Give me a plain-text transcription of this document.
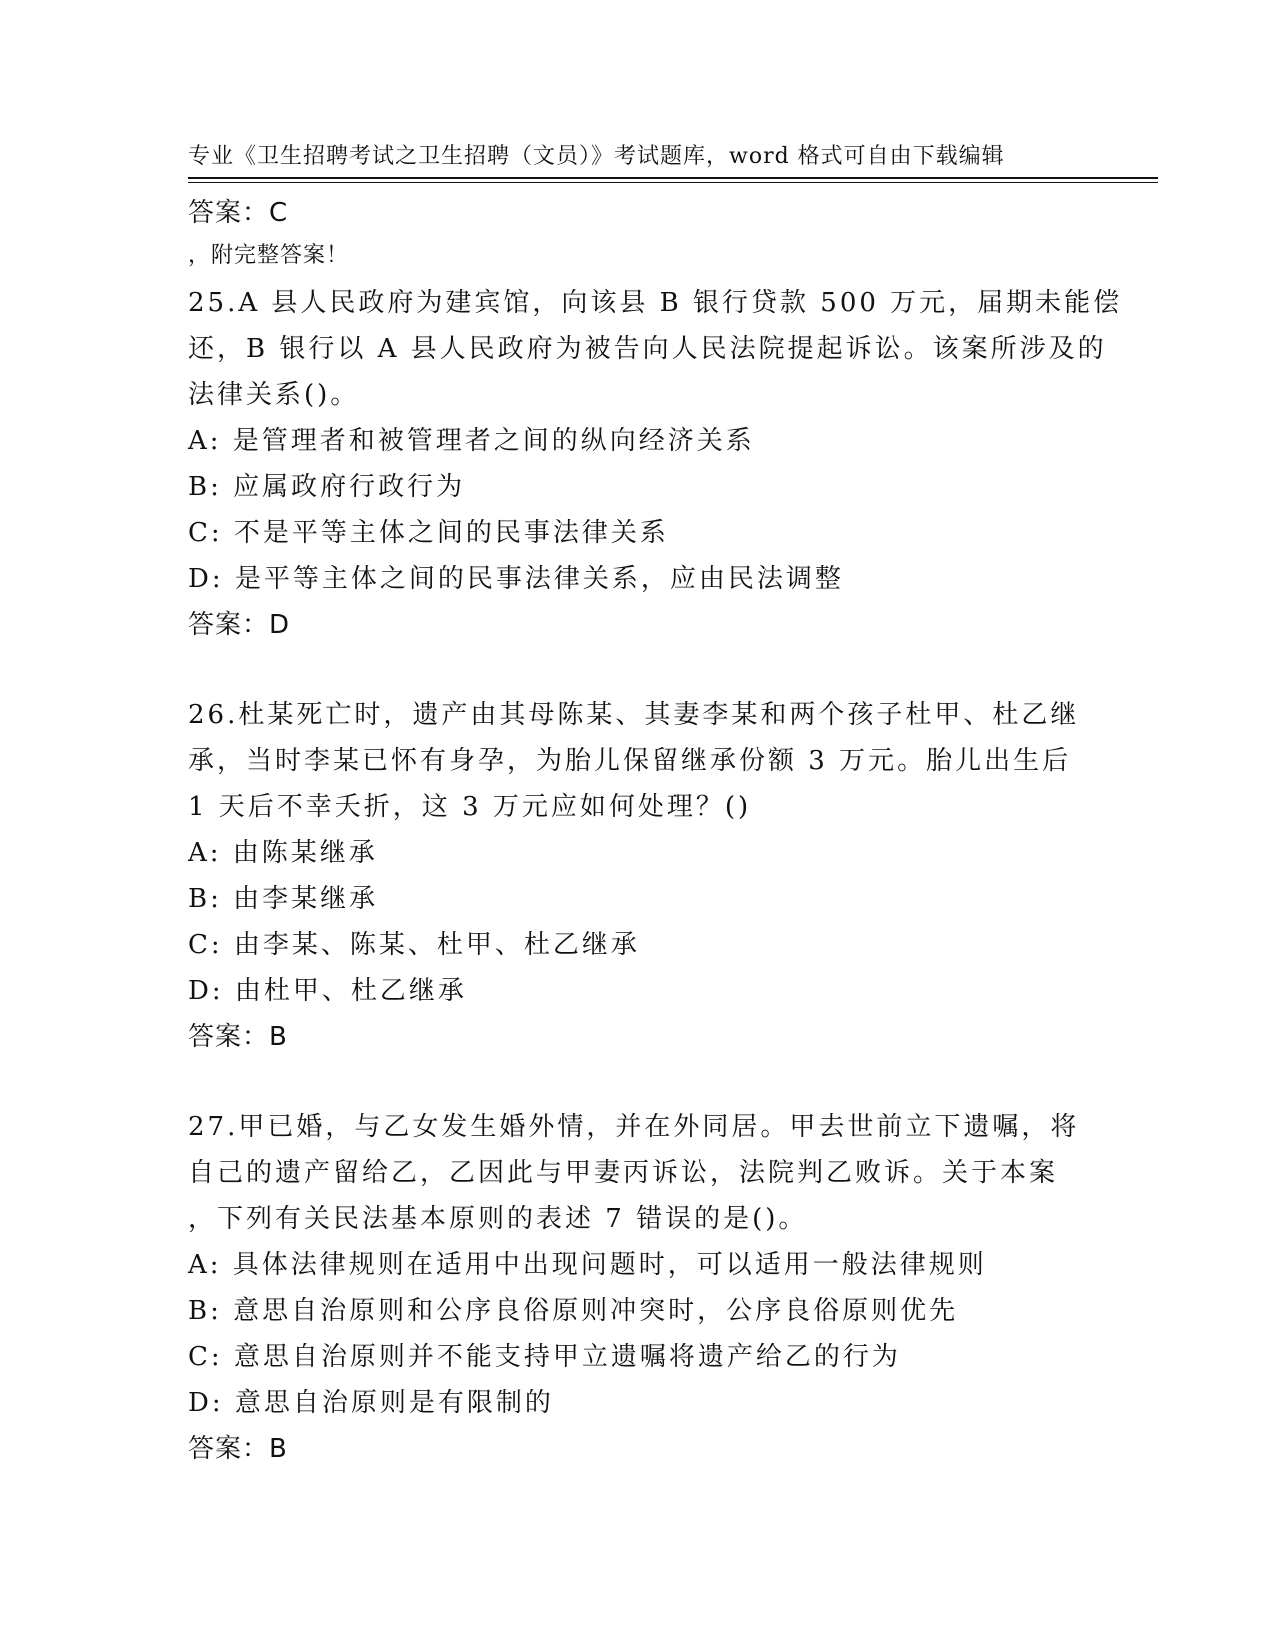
专业《卫生招聘考试之卫生招聘（文员）》考试题库，word 格式可自由下载编辑

，附完整答案！

答案：C
25.A 县人民政府为建宾馆，向该县 B 银行贷款 500 万元，届期未能偿
还，B 银行以 A 县人民政府为被告向人民法院提起诉讼。该案所涉及的
法律关系()。
A: 是管理者和被管理者之间的纵向经济关系
B: 应属政府行政行为
C: 不是平等主体之间的民事法律关系
D: 是平等主体之间的民事法律关系，应由民法调整
答案：D
26.杜某死亡时，遗产由其母陈某、其妻李某和两个孩子杜甲、杜乙继
承，当时李某已怀有身孕，为胎儿保留继承份额 3 万元。胎儿出生后
1 天后不幸夭折，这 3 万元应如何处理？()
A: 由陈某继承
B: 由李某继承
C: 由李某、陈某、杜甲、杜乙继承
D: 由杜甲、杜乙继承
答案：B
27.甲已婚，与乙女发生婚外情，并在外同居。甲去世前立下遗嘱，将
自己的遗产留给乙，乙因此与甲妻丙诉讼，法院判乙败诉。关于本案
，下列有关民法基本原则的表述 7 错误的是()。
A: 具体法律规则在适用中出现问题时，可以适用一般法律规则
B: 意思自治原则和公序良俗原则冲突时，公序良俗原则优先
C: 意思自治原则并不能支持甲立遗嘱将遗产给乙的行为
D: 意思自治原则是有限制的
答案：B
